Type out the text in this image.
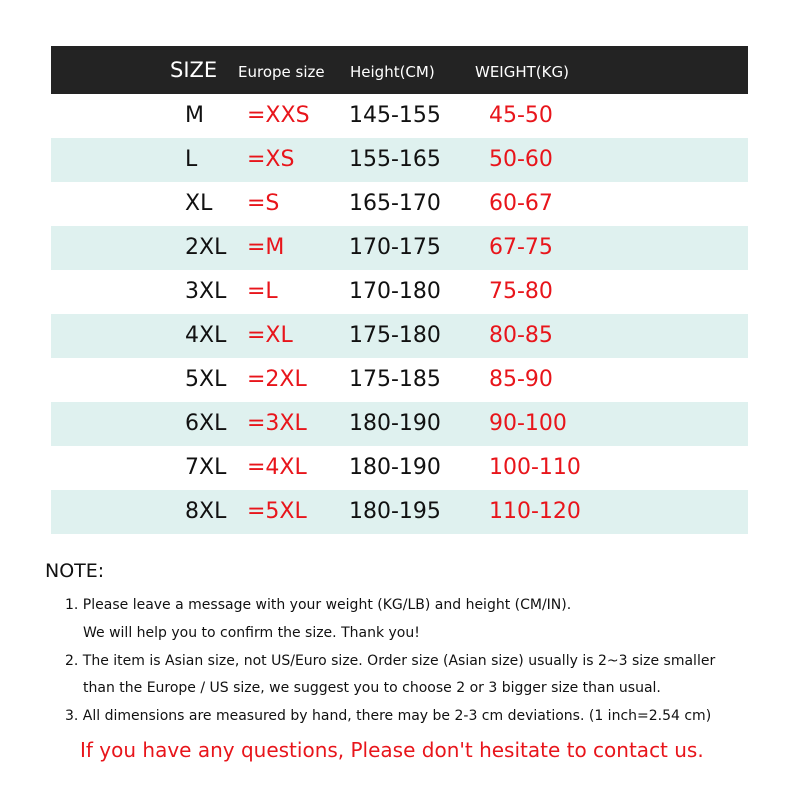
SIZE Europe size Height(CM)	WEIGHT(KG)
M =XXS 145-155 45-50
L =XS 155-165 50-60
XL =S	165-170 60-67
2XL =M	170-175 67-75
3XL =L	170-180 75-80
4XL =XL	175-180 80-85
5XL =2XL 175-185 85-90
6XL =3XL 180-190 90-100
7XL =4XL 180-190 100-110
8XL =5XL 180-195 110-120
NOTE:
1. Please leave a message with your weight (KG/LB) and height (CM/IN).
We will help you to confirm the size. Thank you!
2. The item is Asian size, not US/Euro size. Order size (Asian size) usually is 2~3 size smaller
than the Europe / US size, we suggest you to choose 2 or 3 bigger size than usual.
3. All dimensions are measured by hand, there may be 2-3 cm deviations. (1 inch=2.54 cm)
If you have any questions, Please don't hesitate to contact us.
